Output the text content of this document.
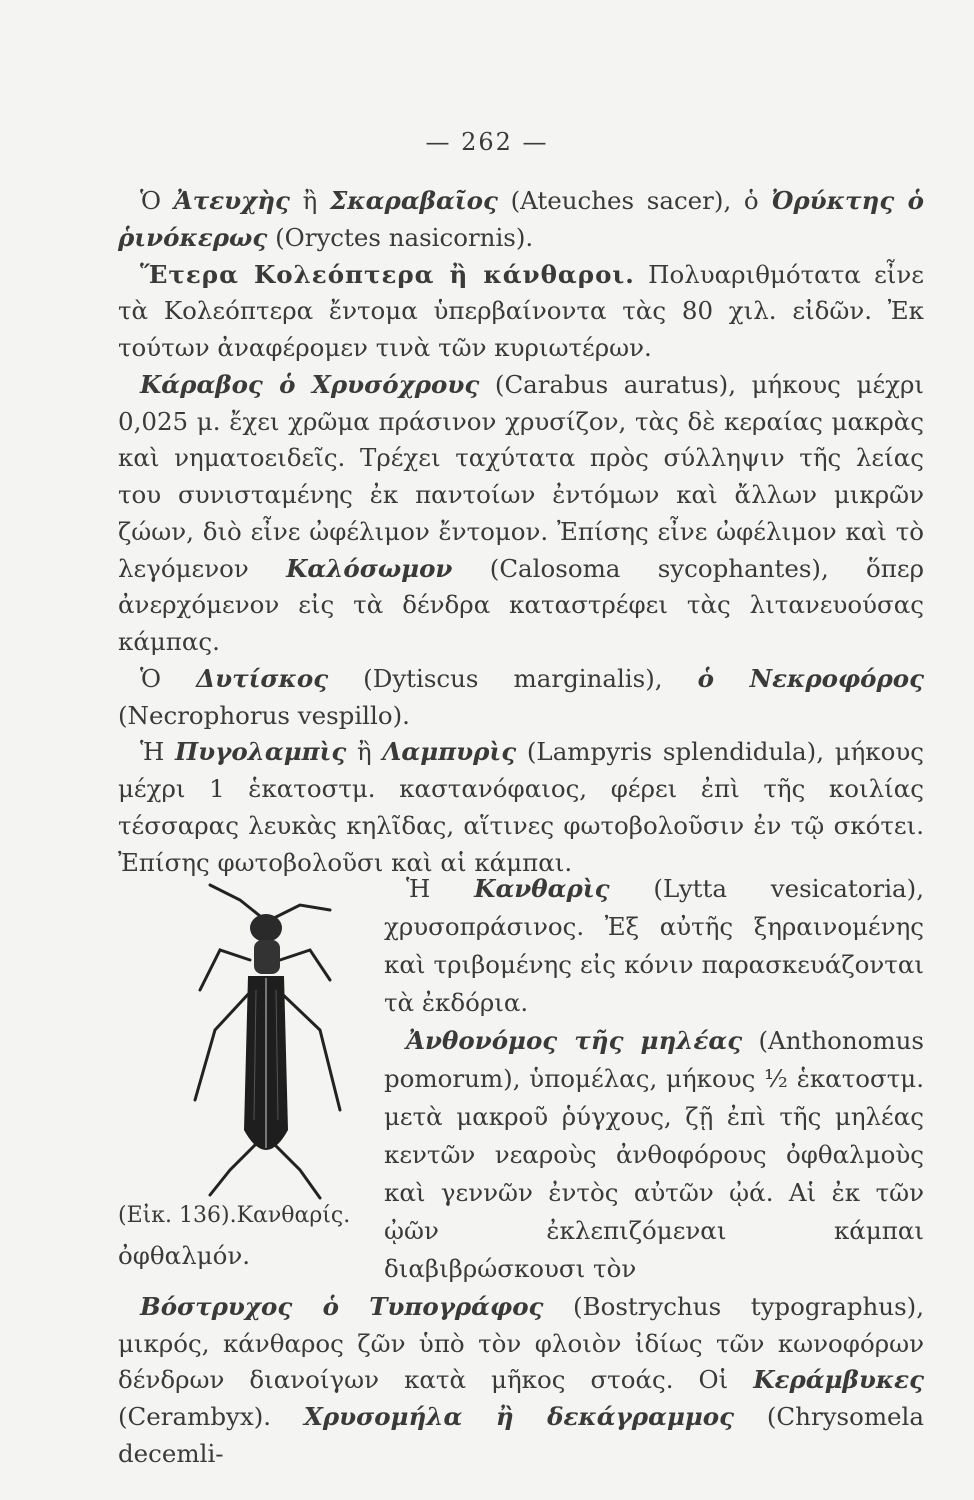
— 262 —

Ὁ Ἀτευχὴς ἢ Σκαραβαῖος (Ateuches sacer), ὁ Ὀρύκτης ὁ ῥινόκερως (Oryctes nasicornis).

Ἕτερα Κολεόπτερα ἢ κάνθαροι. Πολυαριθμότατα εἶνε τὰ Κολεόπτερα ἔντομα ὑπερβαίνοντα τὰς 80 χιλ. εἰδῶν. Ἐκ τούτων ἀναφέρομεν τινὰ τῶν κυριωτέρων.

Κάραβος ὁ Χρυσόχρους (Carabus auratus), μήκους μέχρι 0,025 μ. ἔχει χρῶμα πράσινον χρυσίζον, τὰς δὲ κεραίας μακρὰς καὶ νηματοειδεῖς. Τρέχει ταχύτατα πρὸς σύλληψιν τῆς λείας του συνισταμένης ἐκ παντοίων ἐντόμων καὶ ἄλλων μικρῶν ζώων, διὸ εἶνε ὠφέλιμον ἔντομον. Ἐπίσης εἶνε ὠφέλιμον καὶ τὸ λεγόμενον Καλόσωμον (Calosoma sycophantes), ὅπερ ἀνερχόμενον εἰς τὰ δένδρα καταστρέφει τὰς λιτανευούσας κάμπας.

Ὁ Δυτίσκος (Dytiscus marginalis), ὁ Νεκροφόρος (Necrophorus vespillo).

Ἡ Πυγολαμπὶς ἢ Λαμπυρὶς (Lampyris splendidula), μήκους μέχρι 1 ἑκατοστμ. καστανόφαιος, φέρει ἐπὶ τῆς κοιλίας τέσσαρας λευκὰς κηλῖδας, αἵτινες φωτοβολοῦσιν ἐν τῷ σκότει. Ἐπίσης φωτοβολοῦσι καὶ αἱ κάμπαι.

Ἡ Κανθαρὶς (Lytta vesicatoria), χρυσοπράσινος. Ἐξ αὐτῆς ξηραινομένης καὶ τριβομένης εἰς κόνιν παρασκευάζονται τὰ ἐκδόρια.

Ἀνθονόμος τῆς μηλέας (Anthonomus pomorum), ὑπομέλας, μήκους ½ ἑκατοστμ. μετὰ μακροῦ ῥύγχους, ζῇ ἐπὶ τῆς μηλέας κεντῶν νεαροὺς ἀνθοφόρους ὀφθαλμοὺς καὶ γεννῶν ἐντὸς αὐτῶν ᾠά. Αἱ ἐκ τῶν ᾠῶν ἐκλεπιζόμεναι κάμπαι διαβιβρώσκουσι τὸν

(Εἰκ. 136).Κανθαρίς.

ὀφθαλμόν.

Βόστρυχος ὁ Τυπογράφος (Bostrychus typographus), μικρός, κάνθαρος ζῶν ὑπὸ τὸν φλοιὸν ἰδίως τῶν κωνοφόρων δένδρων διανοίγων κατὰ μῆκος στοάς. Οἱ Κεράμβυκες (Cerambyx). Χρυσομήλα ἢ δεκάγραμμος (Chrysomela decemli-
